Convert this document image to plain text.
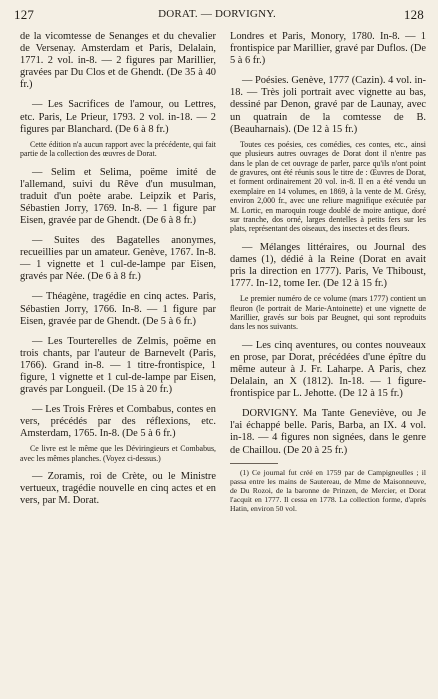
127	DORAT. — DORVIGNY.	128

de la vicomtesse de Senanges et du chevalier de Versenay. Amsterdam et Paris, Delalain, 1771. 2 vol. in-8. — 2 figures par Marillier, gravées par Du Clos et de Ghendt. (De 35 à 40 fr.)

— Les Sacrifices de l'amour, ou Lettres, etc. Paris, Le Prieur, 1793. 2 vol. in-18. — 2 figures par Blanchard. (De 6 à 8 fr.)

Cette édition n'a aucun rapport avec la précédente, qui fait partie de la collection des œuvres de Dorat.

— Selim et Selima, poëme imité de l'allemand, suivi du Rêve d'un musulman, traduit d'un poète arabe. Leipzik et Paris, Sébastien Jorry, 1769. In-8. — 1 figure par Eisen, gravée par de Ghendt. (De 6 à 8 fr.)

— Suites des Bagatelles anonymes, recueillies par un amateur. Genève, 1767. In-8. — 1 vignette et 1 cul-de-lampe par Eisen, gravés par Née. (De 6 à 8 fr.)

— Théagène, tragédie en cinq actes. Paris, Sébastien Jorry, 1766. In-8. — 1 figure par Eisen, gravée par de Ghendt. (De 5 à 6 fr.)

— Les Tourterelles de Zelmis, poëme en trois chants, par l'auteur de Barnevelt (Paris, 1766). Grand in-8. — 1 titre-frontispice, 1 figure, 1 vignette et 1 cul-de-lampe par Eisen, gravés par Longueil. (De 15 à 20 fr.)

— Les Trois Frères et Combabus, contes en vers, précédés par des réflexions, etc. Amsterdam, 1765. In-8. (De 5 à 6 fr.)

Ce livre est le même que les Déviringieurs et Combabus, avec les mêmes planches. (Voyez ci-dessus.)

— Zoramis, roi de Crète, ou le Ministre vertueux, tragédie nouvelle en cinq actes et en vers, par M. Dorat.

Londres et Paris, Monory, 1780. In-8. — 1 frontispice par Marillier, gravé par Duflos. (De 5 à 6 fr.)

— Poésies. Genève, 1777 (Cazin). 4 vol. in-18. — Très joli portrait avec vignette au bas, dessiné par Denon, gravé par de Launay, avec un quatrain de la comtesse de B. (Beauharnais). (De 12 à 15 fr.)

Toutes ces poésies, ces comédies, ces contes, etc., ainsi que plusieurs autres ouvrages de Dorat dont il n'entre pas dans le plan de cet ouvrage de parler, parce qu'ils n'ont point de gravures, ont été réunis sous le titre de : Œuvres de Dorat, et forment ordinairement 20 vol. in-8. Il en a été vendu un exemplaire en 14 volumes, en 1869, à la vente de M. Grésy, environ 2,000 fr., avec une reliure magnifique exécutée par M. Lortic, en maroquin rouge doublé de moire antique, doré sur tranche, dos orné, larges dentelles à petits fers sur les plats, représentant des oiseaux, des insectes et des fleurs.

— Mélanges littéraires, ou Journal des dames (1), dédié à la Reine (Dorat en avait pris la direction en 1777). Paris, Ve Thiboust, 1777. In-12, tome Ier. (De 12 à 15 fr.)

Le premier numéro de ce volume (mars 1777) contient un fleuron (le portrait de Marie-Antoinette) et une vignette de Marillier, gravés sur bois par Beugnet, qui sont reproduits dans les nos suivants.

— Les cinq aventures, ou contes nouveaux en prose, par Dorat, précédées d'une épître du même auteur à J. Fr. Laharpe. A Paris, chez Delalain, an X (1812). In-18. — 1 figure-frontispice par L. Jehotte. (De 12 à 15 fr.)

DORVIGNY. Ma Tante Geneviève, ou Je l'ai échappé belle. Paris, Barba, an IX. 4 vol. in-18. — 4 figures non signées, dans le genre de Chaillou. (De 20 à 25 fr.)

(1) Ce journal fut créé en 1759 par de Campigneulles ; il passa entre les mains de Sautereau, de Mme de Maisonneuve, de Du Rozoi, de la baronne de Prinzen, de Mercier, et Dorat l'acquit en 1777. Il cessa en 1778. La collection forme, d'après Hatin, environ 50 vol.
